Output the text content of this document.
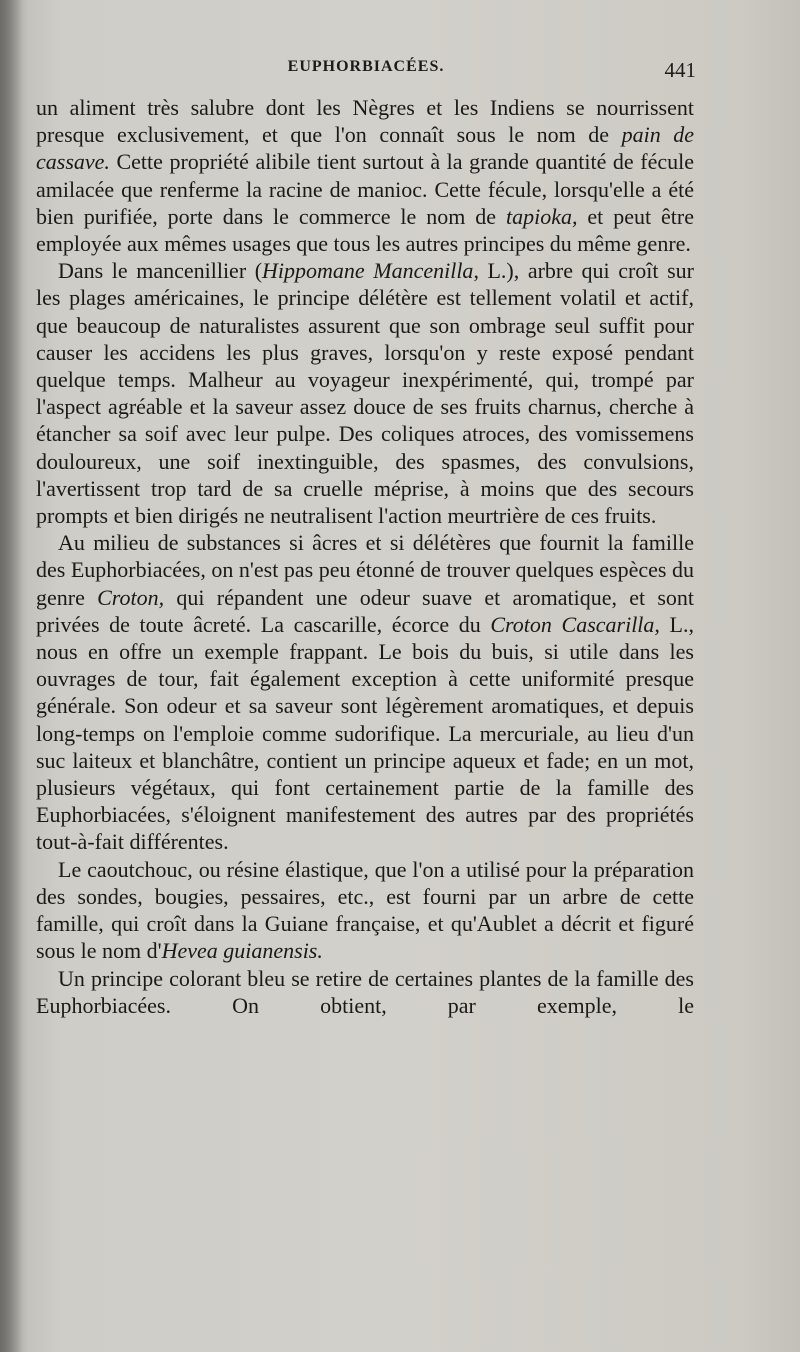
EUPHORBIACÉES.	441

un aliment très salubre dont les Nègres et les Indiens se nourrissent presque exclusivement, et que l'on connaît sous le nom de pain de cassave. Cette propriété alibile tient surtout à la grande quantité de fécule amilacée que renferme la racine de manioc. Cette fécule, lorsqu'elle a été bien purifiée, porte dans le commerce le nom de tapioka, et peut être employée aux mêmes usages que tous les autres principes du même genre.

Dans le mancenillier (Hippomane Mancenilla, L.), arbre qui croît sur les plages américaines, le principe délétère est tellement volatil et actif, que beaucoup de naturalistes assurent que son ombrage seul suffit pour causer les accidens les plus graves, lorsqu'on y reste exposé pendant quelque temps. Malheur au voyageur inexpérimenté, qui, trompé par l'aspect agréable et la saveur assez douce de ses fruits charnus, cherche à étancher sa soif avec leur pulpe. Des coliques atroces, des vomissemens douloureux, une soif inextinguible, des spasmes, des convulsions, l'avertissent trop tard de sa cruelle méprise, à moins que des secours prompts et bien dirigés ne neutralisent l'action meurtrière de ces fruits.

Au milieu de substances si âcres et si délétères que fournit la famille des Euphorbiacées, on n'est pas peu étonné de trouver quelques espèces du genre Croton, qui répandent une odeur suave et aromatique, et sont privées de toute âcreté. La cascarille, écorce du Croton Cascarilla, L., nous en offre un exemple frappant. Le bois du buis, si utile dans les ouvrages de tour, fait également exception à cette uniformité presque générale. Son odeur et sa saveur sont légèrement aromatiques, et depuis long-temps on l'emploie comme sudorifique. La mercuriale, au lieu d'un suc laiteux et blanchâtre, contient un principe aqueux et fade; en un mot, plusieurs végétaux, qui font certainement partie de la famille des Euphorbiacées, s'éloignent manifestement des autres par des propriétés tout-à-fait différentes.

Le caoutchouc, ou résine élastique, que l'on a utilisé pour la préparation des sondes, bougies, pessaires, etc., est fourni par un arbre de cette famille, qui croît dans la Guiane française, et qu'Aublet a décrit et figuré sous le nom d'Hevea guianensis.

Un principe colorant bleu se retire de certaines plantes de la famille des Euphorbiacées. On obtient, par exemple, le
